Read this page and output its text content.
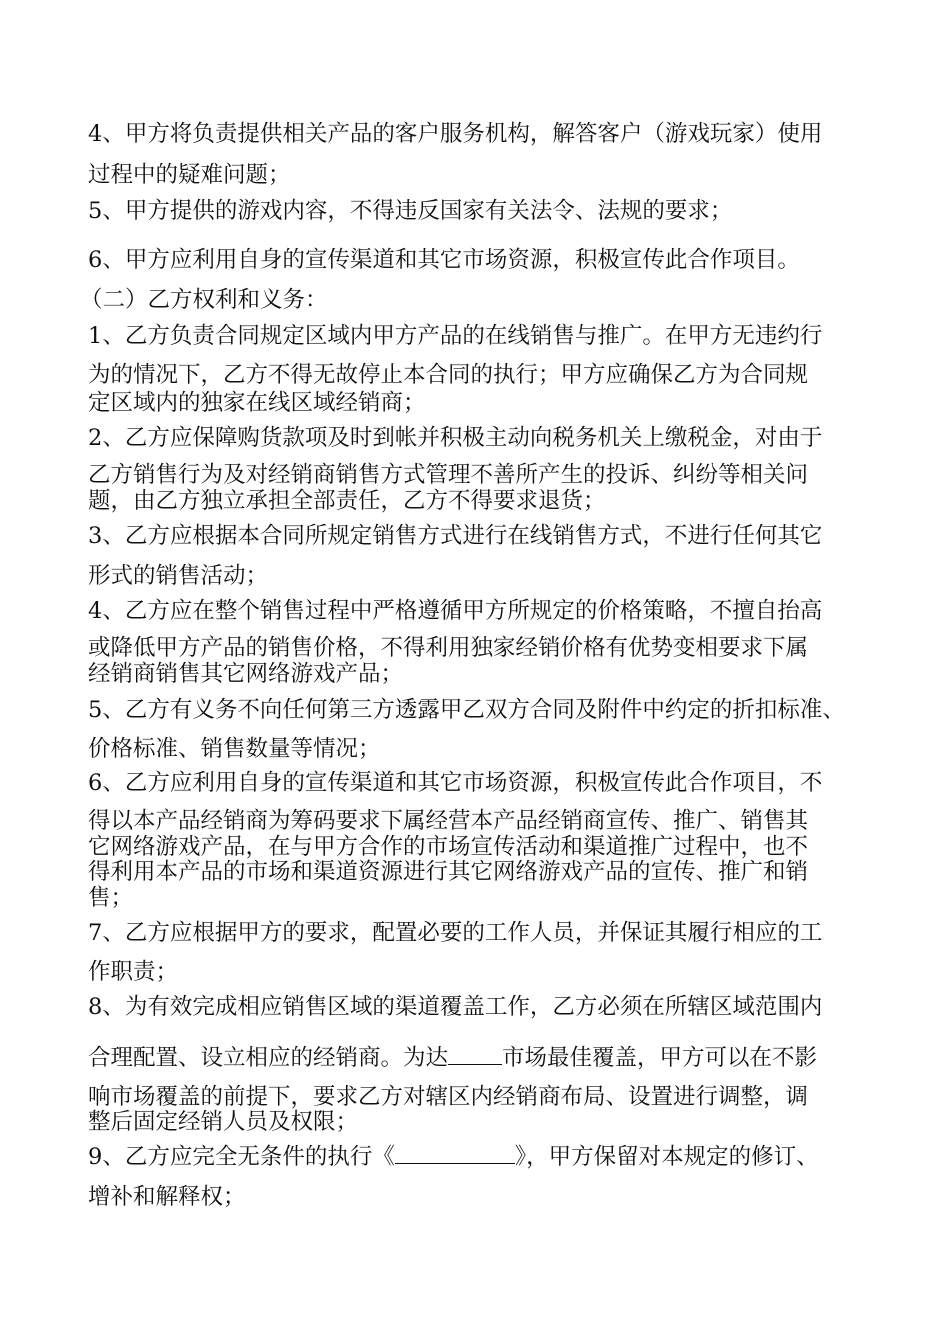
4、甲方将负责提供相关产品的客户服务机构，解答客户（游戏玩家）使用

过程中的疑难问题；

5、甲方提供的游戏内容，不得违反国家有关法令、法规的要求；

6、甲方应利用自身的宣传渠道和其它市场资源，积极宣传此合作项目。

（二）乙方权利和义务：

1、乙方负责合同规定区域内甲方产品的在线销售与推广。在甲方无违约行

为的情况下，乙方不得无故停止本合同的执行；甲方应确保乙方为合同规

定区域内的独家在线区域经销商；

2、乙方应保障购货款项及时到帐并积极主动向税务机关上缴税金，对由于

乙方销售行为及对经销商销售方式管理不善所产生的投诉、纠纷等相关问

题，由乙方独立承担全部责任，乙方不得要求退货；

3、乙方应根据本合同所规定销售方式进行在线销售方式，不进行任何其它

形式的销售活动；

4、乙方应在整个销售过程中严格遵循甲方所规定的价格策略，不擅自抬高

或降低甲方产品的销售价格，不得利用独家经销价格有优势变相要求下属

经销商销售其它网络游戏产品；

5、乙方有义务不向任何第三方透露甲乙双方合同及附件中约定的折扣标准、

价格标准、销售数量等情况；

6、乙方应利用自身的宣传渠道和其它市场资源，积极宣传此合作项目，不

得以本产品经销商为筹码要求下属经营本产品经销商宣传、推广、销售其

它网络游戏产品，在与甲方合作的市场宣传活动和渠道推广过程中，也不

得利用本产品的市场和渠道资源进行其它网络游戏产品的宣传、推广和销

售；

7、乙方应根据甲方的要求，配置必要的工作人员，并保证其履行相应的工

作职责；

8、为有效完成相应销售区域的渠道覆盖工作，乙方必须在所辖区域范围内

合理配置、设立相应的经销商。为达 市场最佳覆盖，甲方可以在不影

响市场覆盖的前提下，要求乙方对辖区内经销商布局、设置进行调整，调

整后固定经销人员及权限；

9、乙方应完全无条件的执行《	》，甲方保留对本规定的修订、

增补和解释权；
